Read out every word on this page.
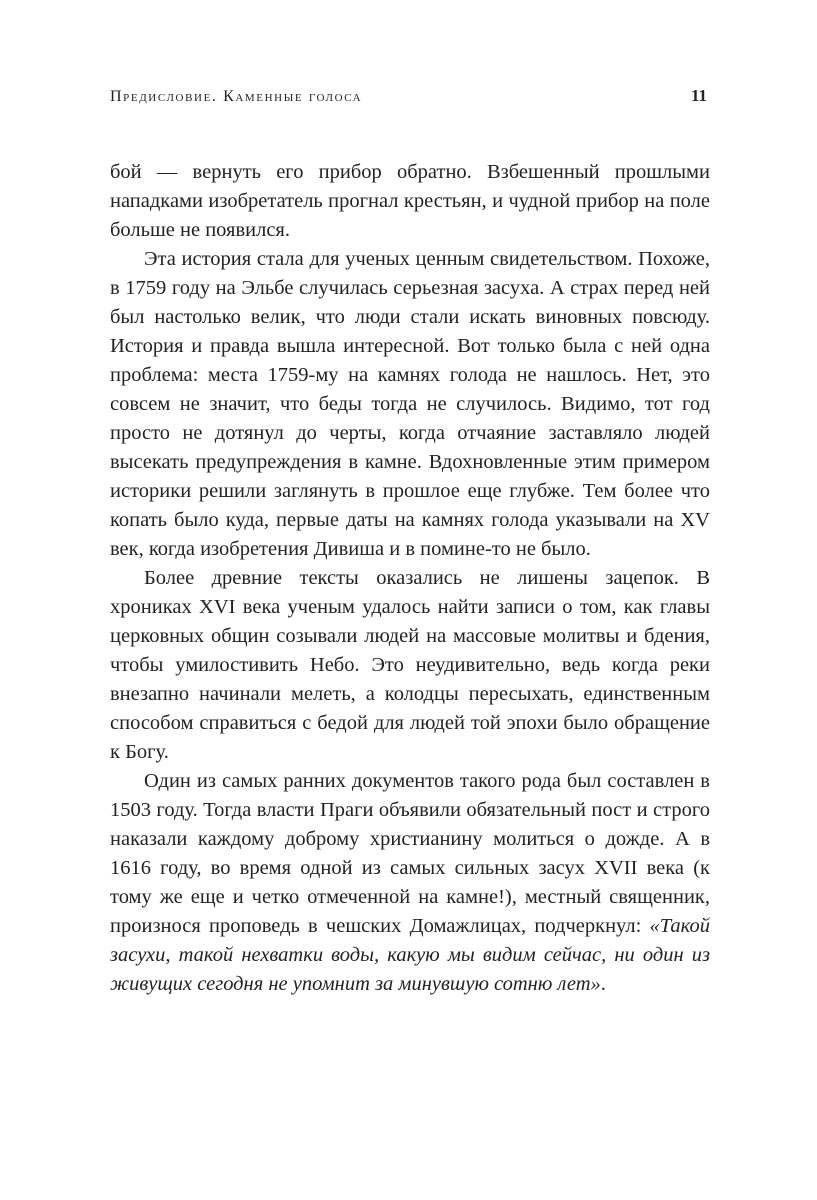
Предисловие. Каменные голоса	11

бой — вернуть его прибор обратно. Взбешенный прошлыми нападками изобретатель прогнал крестьян, и чудной прибор на поле больше не появился.

Эта история стала для ученых ценным свидетельством. Похоже, в 1759 году на Эльбе случилась серьезная засуха. А страх перед ней был настолько велик, что люди стали искать виновных повсюду. История и правда вышла интересной. Вот только была с ней одна проблема: места 1759-му на камнях голода не нашлось. Нет, это совсем не значит, что беды тогда не случилось. Видимо, тот год просто не дотянул до черты, когда отчаяние заставляло людей высекать предупреждения в камне. Вдохновленные этим примером историки решили заглянуть в прошлое еще глубже. Тем более что копать было куда, первые даты на камнях голода указывали на XV век, когда изобретения Дивиша и в помине-то не было.

Более древние тексты оказались не лишены зацепок. В хрониках XVI века ученым удалось найти записи о том, как главы церковных общин созывали людей на массовые молитвы и бдения, чтобы умилостивить Небо. Это неудивительно, ведь когда реки внезапно начинали мелеть, а колодцы пересыхать, единственным способом справиться с бедой для людей той эпохи было обращение к Богу.

Один из самых ранних документов такого рода был составлен в 1503 году. Тогда власти Праги объявили обязательный пост и строго наказали каждому доброму христианину молиться о дожде. А в 1616 году, во время одной из самых сильных засух XVII века (к тому же еще и четко отмеченной на камне!), местный священник, произнося проповедь в чешских Домажлицах, подчеркнул: «Такой засухи, такой нехватки воды, какую мы видим сейчас, ни один из живущих сегодня не упомнит за минувшую сотню лет».
